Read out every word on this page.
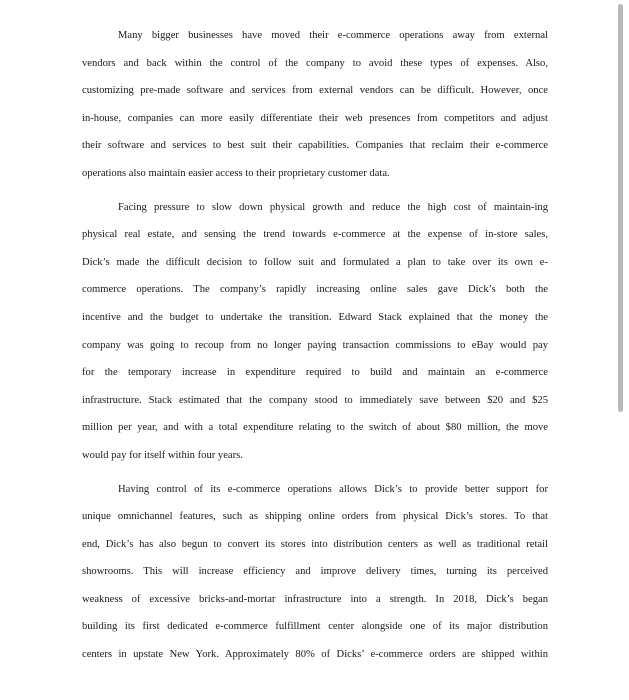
Many bigger businesses have moved their e-commerce operations away from external
vendors and back within the control of the company to avoid these types of expenses. Also,
customizing pre-made software and services from external vendors can be difficult. However, once
in-house, companies can more easily differentiate their web presences from competitors and adjust
their software and services to best suit their capabilities. Companies that reclaim their e-commerce
operations also maintain easier access to their proprietary customer data.
Facing pressure to slow down physical growth and reduce the high cost of maintain-ing
physical real estate, and sensing the trend towards e-commerce at the expense of in-store sales,
Dick’s made the difficult decision to follow suit and formulated a plan to take over its own e-
commerce operations. The company’s rapidly increasing online sales gave Dick’s both the
incentive and the budget to undertake the transition. Edward Stack explained that the money the
company was going to recoup from no longer paying transaction commissions to eBay would pay
for the temporary increase in expenditure required to build and maintain an e-commerce
infrastructure. Stack estimated that the company stood to immediately save between $20 and $25
million per year, and with a total expenditure relating to the switch of about $80 million, the move
would pay for itself within four years.
Having control of its e-commerce operations allows Dick’s to provide better support for
unique omnichannel features, such as shipping online orders from physical Dick’s stores. To that
end, Dick’s has also begun to convert its stores into distribution centers as well as traditional retail
showrooms. This will increase efficiency and improve delivery times, turning its perceived
weakness of excessive bricks-and-mortar infrastructure into a strength. In 2018, Dick’s began
building its first dedicated e-commerce fulfillment center alongside one of its major distribution
centers in upstate New York. Approximately 80% of Dicks’ e-commerce orders are shipped within
